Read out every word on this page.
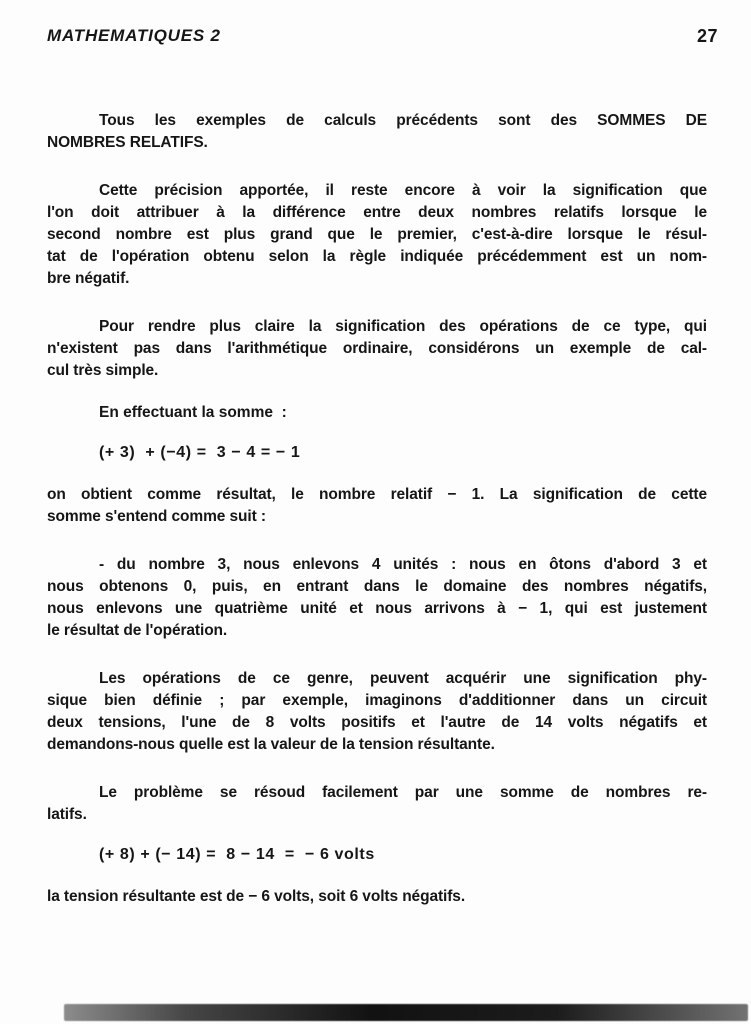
MATHEMATIQUES 2	27
Tous les exemples de calculs précédents sont des SOMMES DE
NOMBRES RELATIFS.
Cette précision apportée, il reste encore à voir la signification que
l'on doit attribuer à la différence entre deux nombres relatifs lorsque le
second nombre est plus grand que le premier, c'est-à-dire lorsque le résul-
tat de l'opération obtenu selon la règle indiquée précédemment est un nom-
bre négatif.
Pour rendre plus claire la signification des opérations de ce type, qui
n'existent pas dans l'arithmétique ordinaire, considérons un exemple de cal-
cul très simple.
En effectuant la somme  :
(+ 3)  + (−4) =  3 − 4 = − 1
on obtient comme résultat, le nombre relatif − 1. La signification de cette
somme s'entend comme suit :
- du nombre 3, nous enlevons 4 unités : nous en ôtons d'abord 3 et
nous obtenons 0, puis, en entrant dans le domaine des nombres négatifs,
nous enlevons une quatrième unité et nous arrivons à − 1, qui est justement
le résultat de l'opération.
Les opérations de ce genre, peuvent acquérir une signification phy-
sique bien définie ; par exemple, imaginons d'additionner dans un circuit
deux tensions, l'une de 8 volts positifs et l'autre de 14 volts négatifs et
demandons-nous quelle est la valeur de la tension résultante.
Le problème se résoud facilement par une somme de nombres re-
latifs.
(+ 8) + (− 14) =  8 − 14  =  − 6 volts
la tension résultante est de − 6 volts, soit 6 volts négatifs.
